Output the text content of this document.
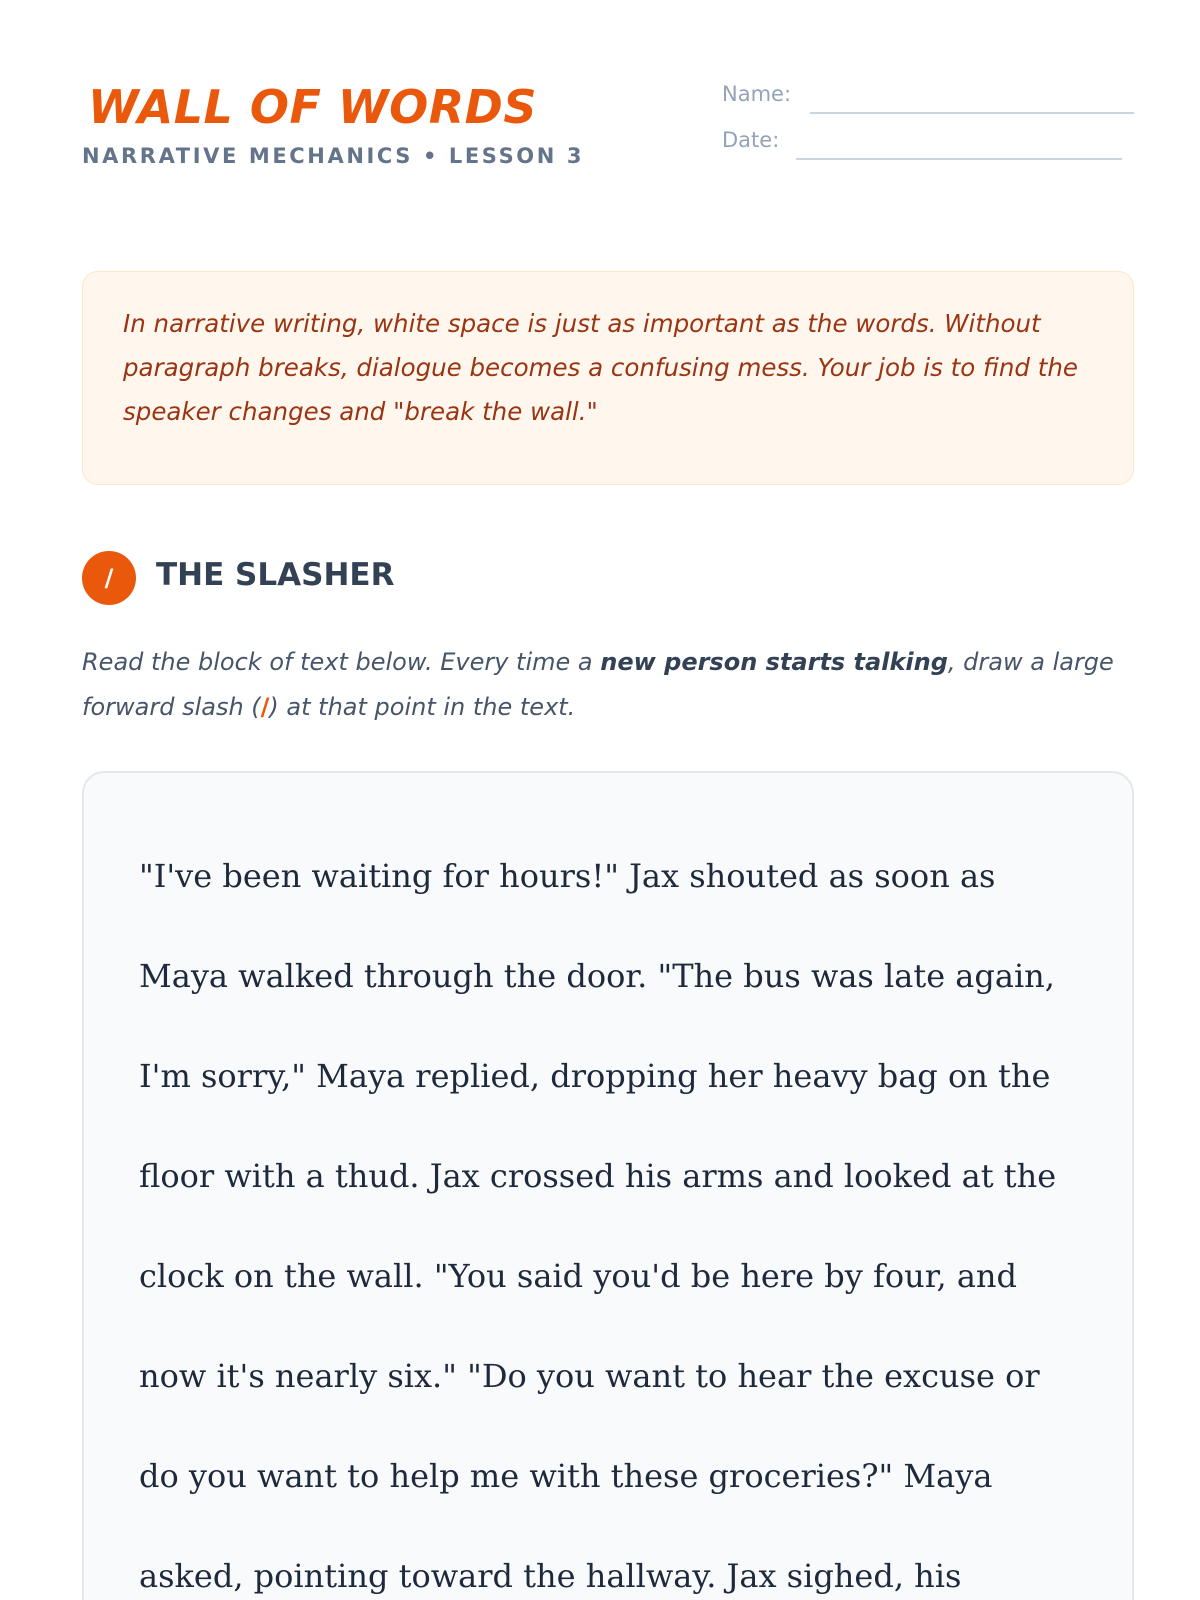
WALL OF WORDS
NARRATIVE MECHANICS • LESSON 3
Name:
Date:

In narrative writing, white space is just as important as the words. Without paragraph breaks, dialogue becomes a confusing mess. Your job is to find the speaker changes and "break the wall."

/	THE SLASHER

Read the block of text below. Every time a new person starts talking, draw a large forward slash (/) at that point in the text.

"I've been waiting for hours!" Jax shouted as soon as Maya walked through the door. "The bus was late again, I'm sorry," Maya replied, dropping her heavy bag on the floor with a thud. Jax crossed his arms and looked at the clock on the wall. "You said you'd be here by four, and now it's nearly six." "Do you want to hear the excuse or do you want to help me with these groceries?" Maya asked, pointing toward the hallway. Jax sighed, his
